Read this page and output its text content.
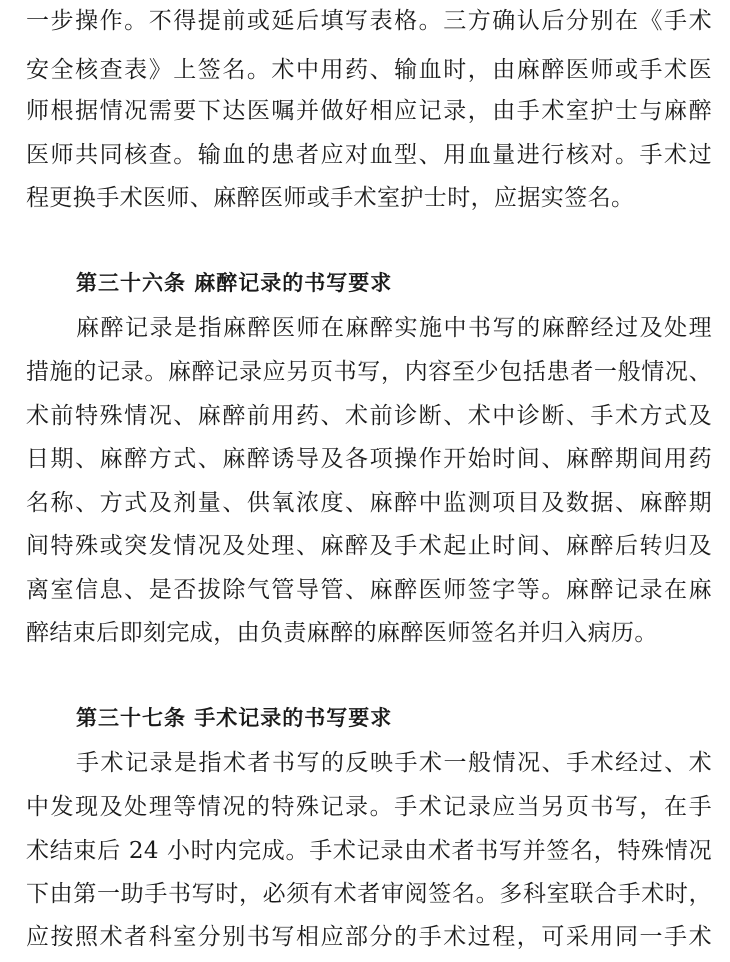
一步操作。不得提前或延后填写表格。三方确认后分别在《手术
安全核查表》上签名。术中用药、输血时，由麻醉医师或手术医
师根据情况需要下达医嘱并做好相应记录，由手术室护士与麻醉
医师共同核查。输血的患者应对血型、用血量进行核对。手术过
程更换手术医师、麻醉医师或手术室护士时，应据实签名。
第三十六条 麻醉记录的书写要求
麻醉记录是指麻醉医师在麻醉实施中书写的麻醉经过及处理
措施的记录。麻醉记录应另页书写，内容至少包括患者一般情况、
术前特殊情况、麻醉前用药、术前诊断、术中诊断、手术方式及
日期、麻醉方式、麻醉诱导及各项操作开始时间、麻醉期间用药
名称、方式及剂量、供氧浓度、麻醉中监测项目及数据、麻醉期
间特殊或突发情况及处理、麻醉及手术起止时间、麻醉后转归及
离室信息、是否拔除气管导管、麻醉医师签字等。麻醉记录在麻
醉结束后即刻完成，由负责麻醉的麻醉医师签名并归入病历。
第三十七条 手术记录的书写要求
手术记录是指术者书写的反映手术一般情况、手术经过、术
中发现及处理等情况的特殊记录。手术记录应当另页书写，在手
术结束后 24 小时内完成。手术记录由术者书写并签名，特殊情况
下由第一助手书写时，必须有术者审阅签名。多科室联合手术时，
应按照术者科室分别书写相应部分的手术过程，可采用同一手术
